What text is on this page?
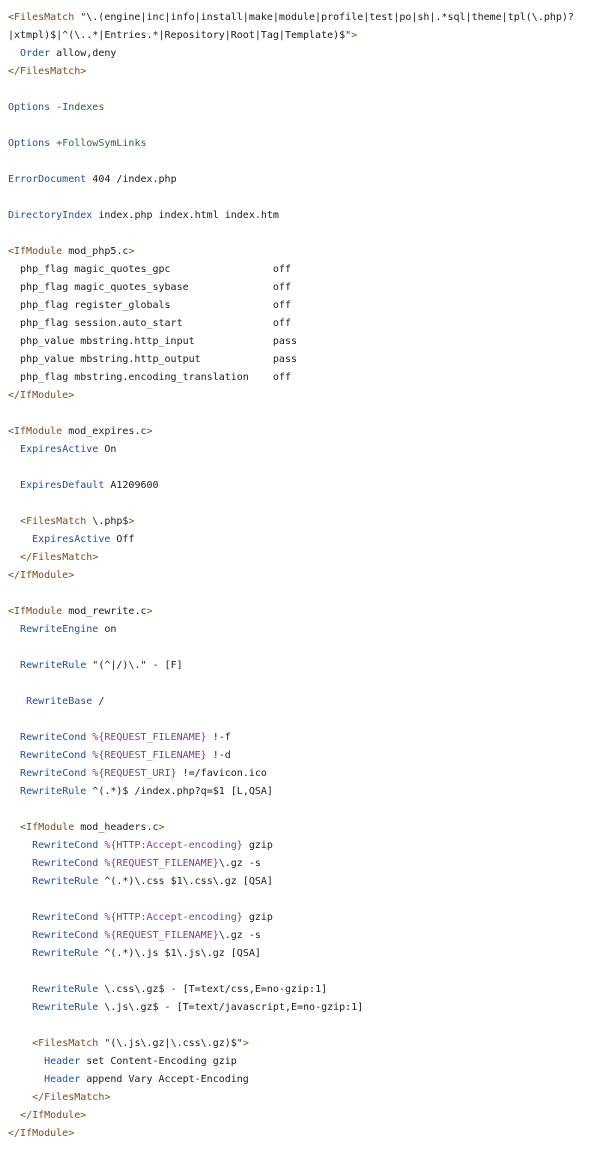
<FilesMatch "\.(engine|inc|info|install|make|module|profile|test|po|sh|.*sql|theme|tpl(\.php)?
|xtmpl)$|^(\..*|Entries.*|Repository|Root|Tag|Template)$">
Order allow,deny
</FilesMatch>
Options -Indexes
Options +FollowSymLinks
ErrorDocument 404 /index.php
DirectoryIndex index.php index.html index.htm
<IfModule mod_php5.c>
php_flag magic_quotes_gpc                 off
php_flag magic_quotes_sybase              off
php_flag register_globals                 off
php_flag session.auto_start               off
php_value mbstring.http_input             pass
php_value mbstring.http_output            pass
php_flag mbstring.encoding_translation    off
</IfModule>
<IfModule mod_expires.c>
ExpiresActive On
ExpiresDefault A1209600
<FilesMatch \.php$>
ExpiresActive Off
</FilesMatch>
</IfModule>
<IfModule mod_rewrite.c>
RewriteEngine on
RewriteRule "(^|/)\." - [F]
RewriteBase /
RewriteCond %{REQUEST_FILENAME} !-f
RewriteCond %{REQUEST_FILENAME} !-d
RewriteCond %{REQUEST_URI} !=/favicon.ico
RewriteRule ^(.*)$ /index.php?q=$1 [L,QSA]
<IfModule mod_headers.c>
RewriteCond %{HTTP:Accept-encoding} gzip
RewriteCond %{REQUEST_FILENAME}\.gz -s
RewriteRule ^(.*)\.css $1\.css\.gz [QSA]
RewriteCond %{HTTP:Accept-encoding} gzip
RewriteCond %{REQUEST_FILENAME}\.gz -s
RewriteRule ^(.*)\.js $1\.js\.gz [QSA]
RewriteRule \.css\.gz$ - [T=text/css,E=no-gzip:1]
RewriteRule \.js\.gz$ - [T=text/javascript,E=no-gzip:1]
<FilesMatch "(\.js\.gz|\.css\.gz)$">
Header set Content-Encoding gzip
Header append Vary Accept-Encoding
</FilesMatch>
</IfModule>
</IfModule>
